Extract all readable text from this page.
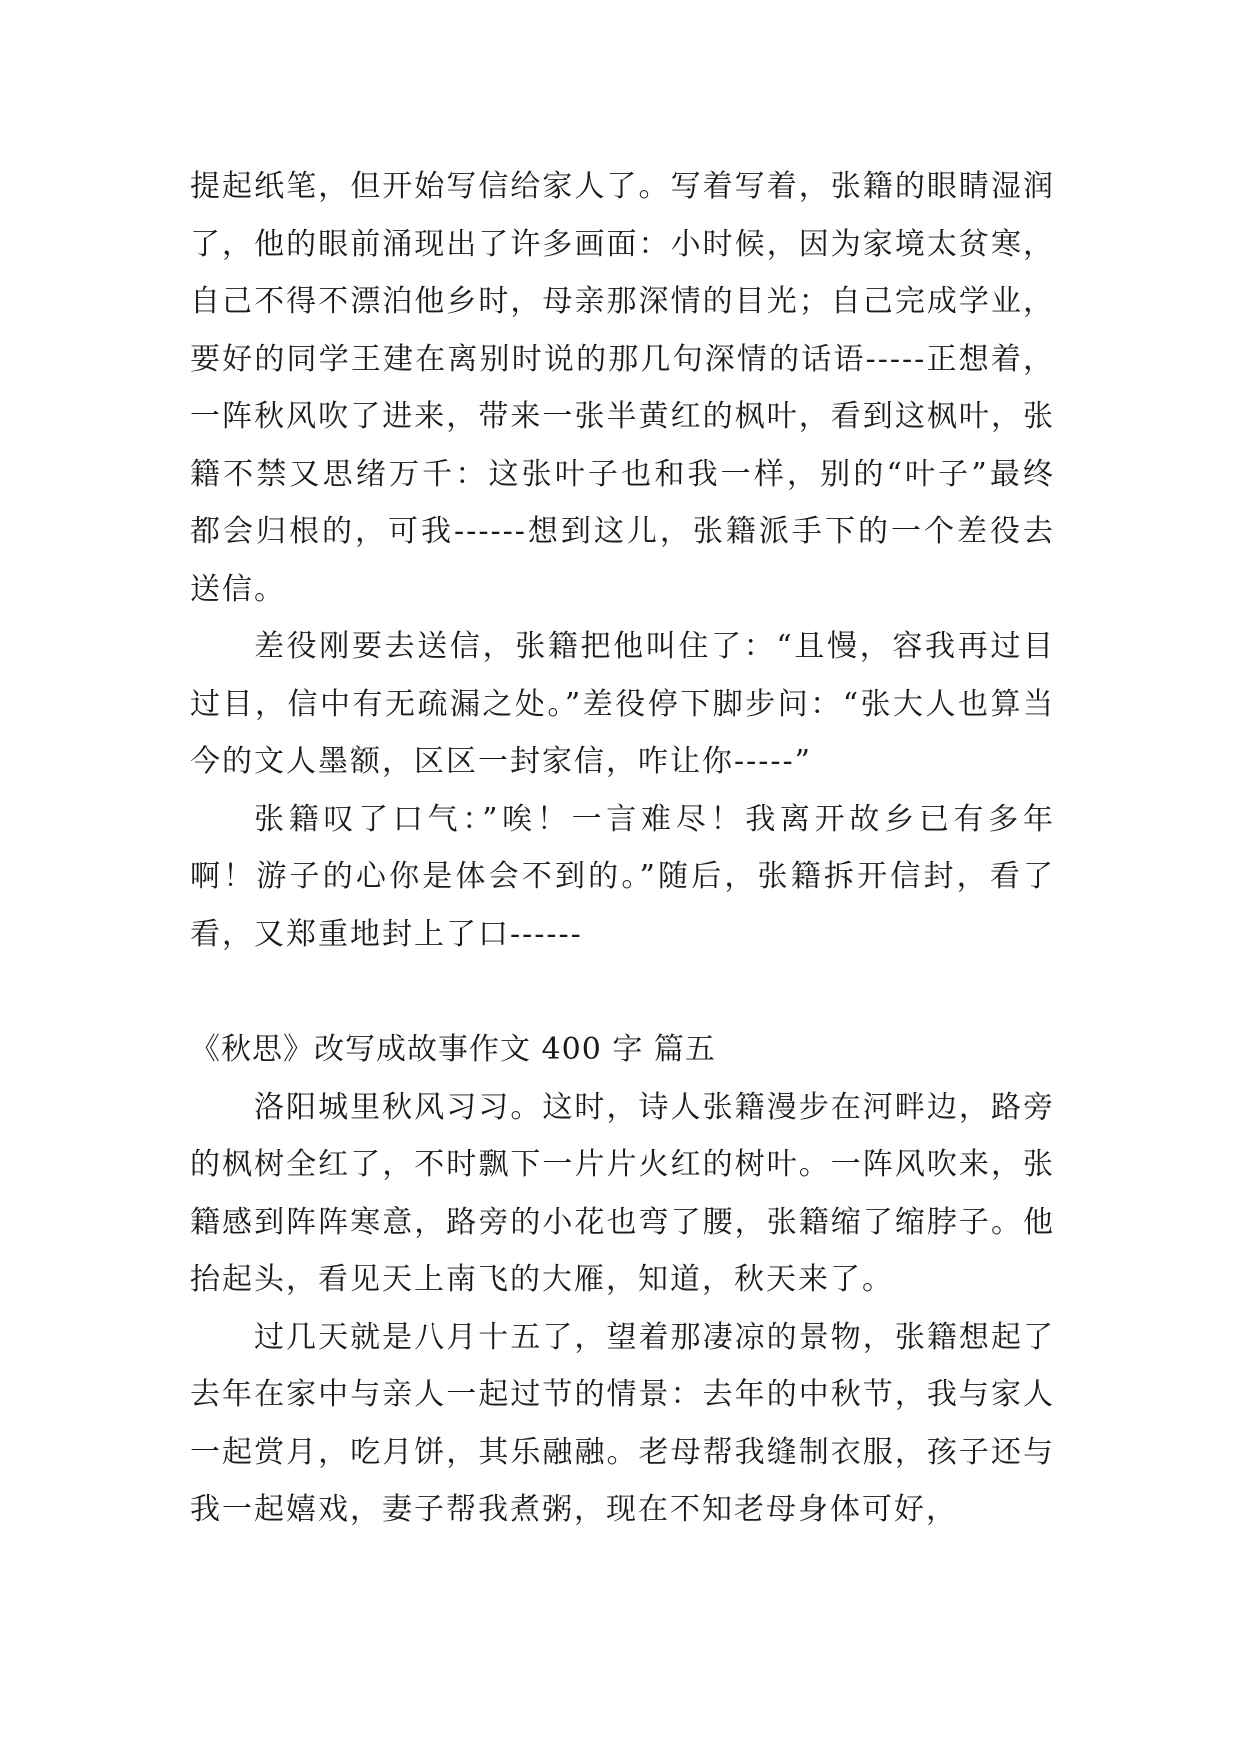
提起纸笔，但开始写信给家人了。写着写着，张籍的眼睛湿润了，他的眼前涌现出了许多画面：小时候，因为家境太贫寒，自己不得不漂泊他乡时，母亲那深情的目光；自己完成学业，要好的同学王建在离别时说的那几句深情的话语-----正想着，一阵秋风吹了进来，带来一张半黄红的枫叶，看到这枫叶，张籍不禁又思绪万千：这张叶子也和我一样，别的“叶子”最终都会归根的，可我------想到这儿，张籍派手下的一个差役去送信。

差役刚要去送信，张籍把他叫住了：“且慢，容我再过目过目，信中有无疏漏之处。”差役停下脚步问：“张大人也算当今的文人墨额，区区一封家信，咋让你-----”

张籍叹了口气：”唉！一言难尽！我离开故乡已有多年啊！游子的心你是体会不到的。”随后，张籍拆开信封，看了看，又郑重地封上了口------

《秋思》改写成故事作文 400 字 篇五

洛阳城里秋风习习。这时，诗人张籍漫步在河畔边，路旁的枫树全红了，不时飘下一片片火红的树叶。一阵风吹来，张籍感到阵阵寒意，路旁的小花也弯了腰，张籍缩了缩脖子。他抬起头，看见天上南飞的大雁，知道，秋天来了。

过几天就是八月十五了，望着那凄凉的景物，张籍想起了去年在家中与亲人一起过节的情景：去年的中秋节，我与家人一起赏月，吃月饼，其乐融融。老母帮我缝制衣服，孩子还与我一起嬉戏，妻子帮我煮粥，现在不知老母身体可好，
